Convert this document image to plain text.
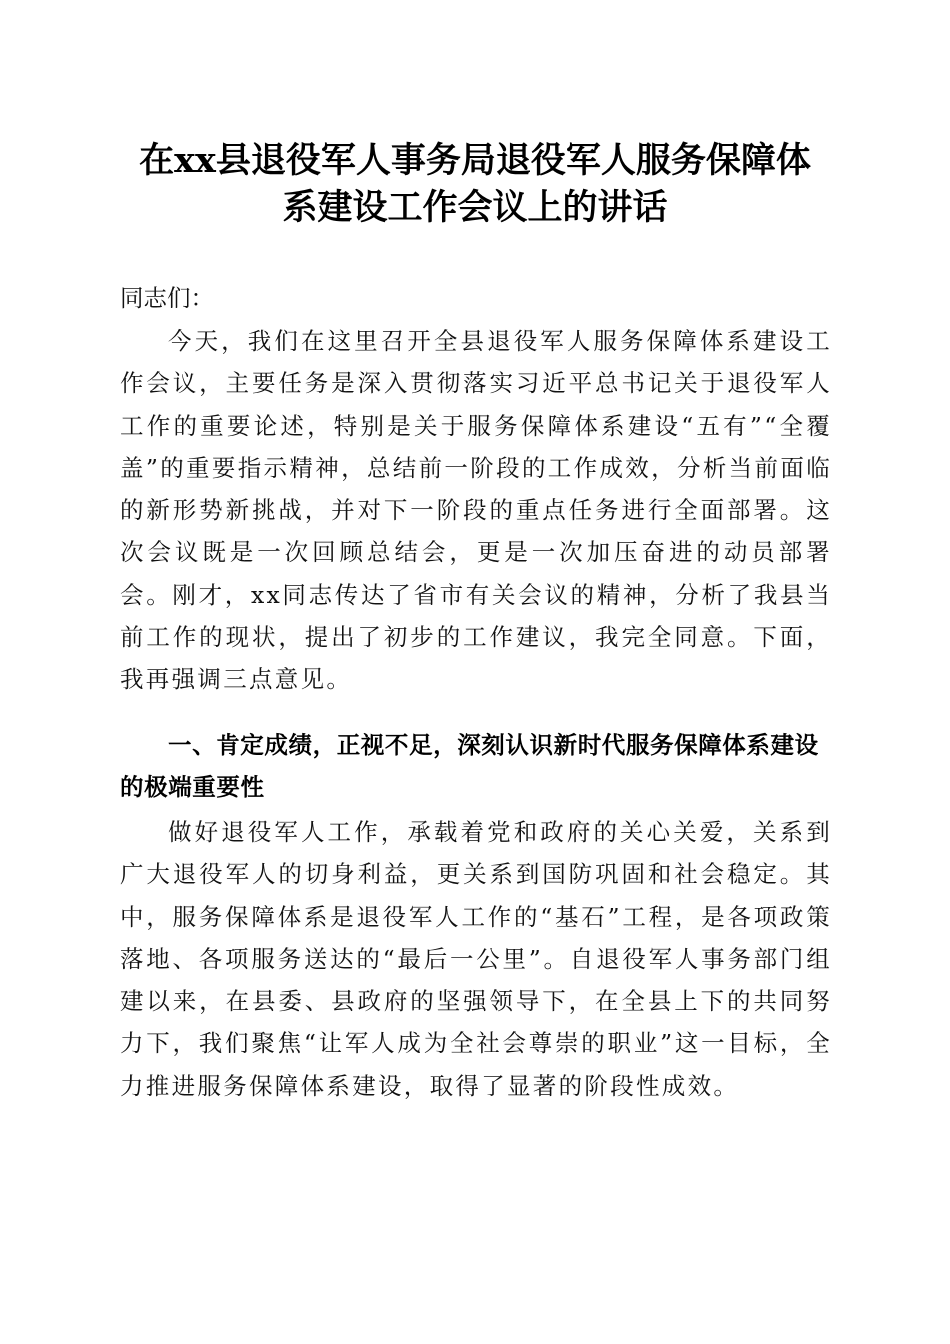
在xx县退役军人事务局退役军人服务保障体
系建设工作会议上的讲话
同志们：

今天，我们在这里召开全县退役军人服务保障体系建设工作会议，主要任务是深入贯彻落实习近平总书记关于退役军人工作的重要论述，特别是关于服务保障体系建设“五有”“全覆盖”的重要指示精神，总结前一阶段的工作成效，分析当前面临的新形势新挑战，并对下一阶段的重点任务进行全面部署。这次会议既是一次回顾总结会，更是一次加压奋进的动员部署会。刚才，xx同志传达了省市有关会议的精神，分析了我县当前工作的现状，提出了初步的工作建议，我完全同意。下面，我再强调三点意见。

一、肯定成绩，正视不足，深刻认识新时代服务保障体系建设的极端重要性

做好退役军人工作，承载着党和政府的关心关爱，关系到广大退役军人的切身利益，更关系到国防巩固和社会稳定。其中，服务保障体系是退役军人工作的“基石”工程，是各项政策落地、各项服务送达的“最后一公里”。自退役军人事务部门组建以来，在县委、县政府的坚强领导下，在全县上下的共同努力下，我们聚焦“让军人成为全社会尊崇的职业”这一目标，全力推进服务保障体系建设，取得了显著的阶段性成效。
